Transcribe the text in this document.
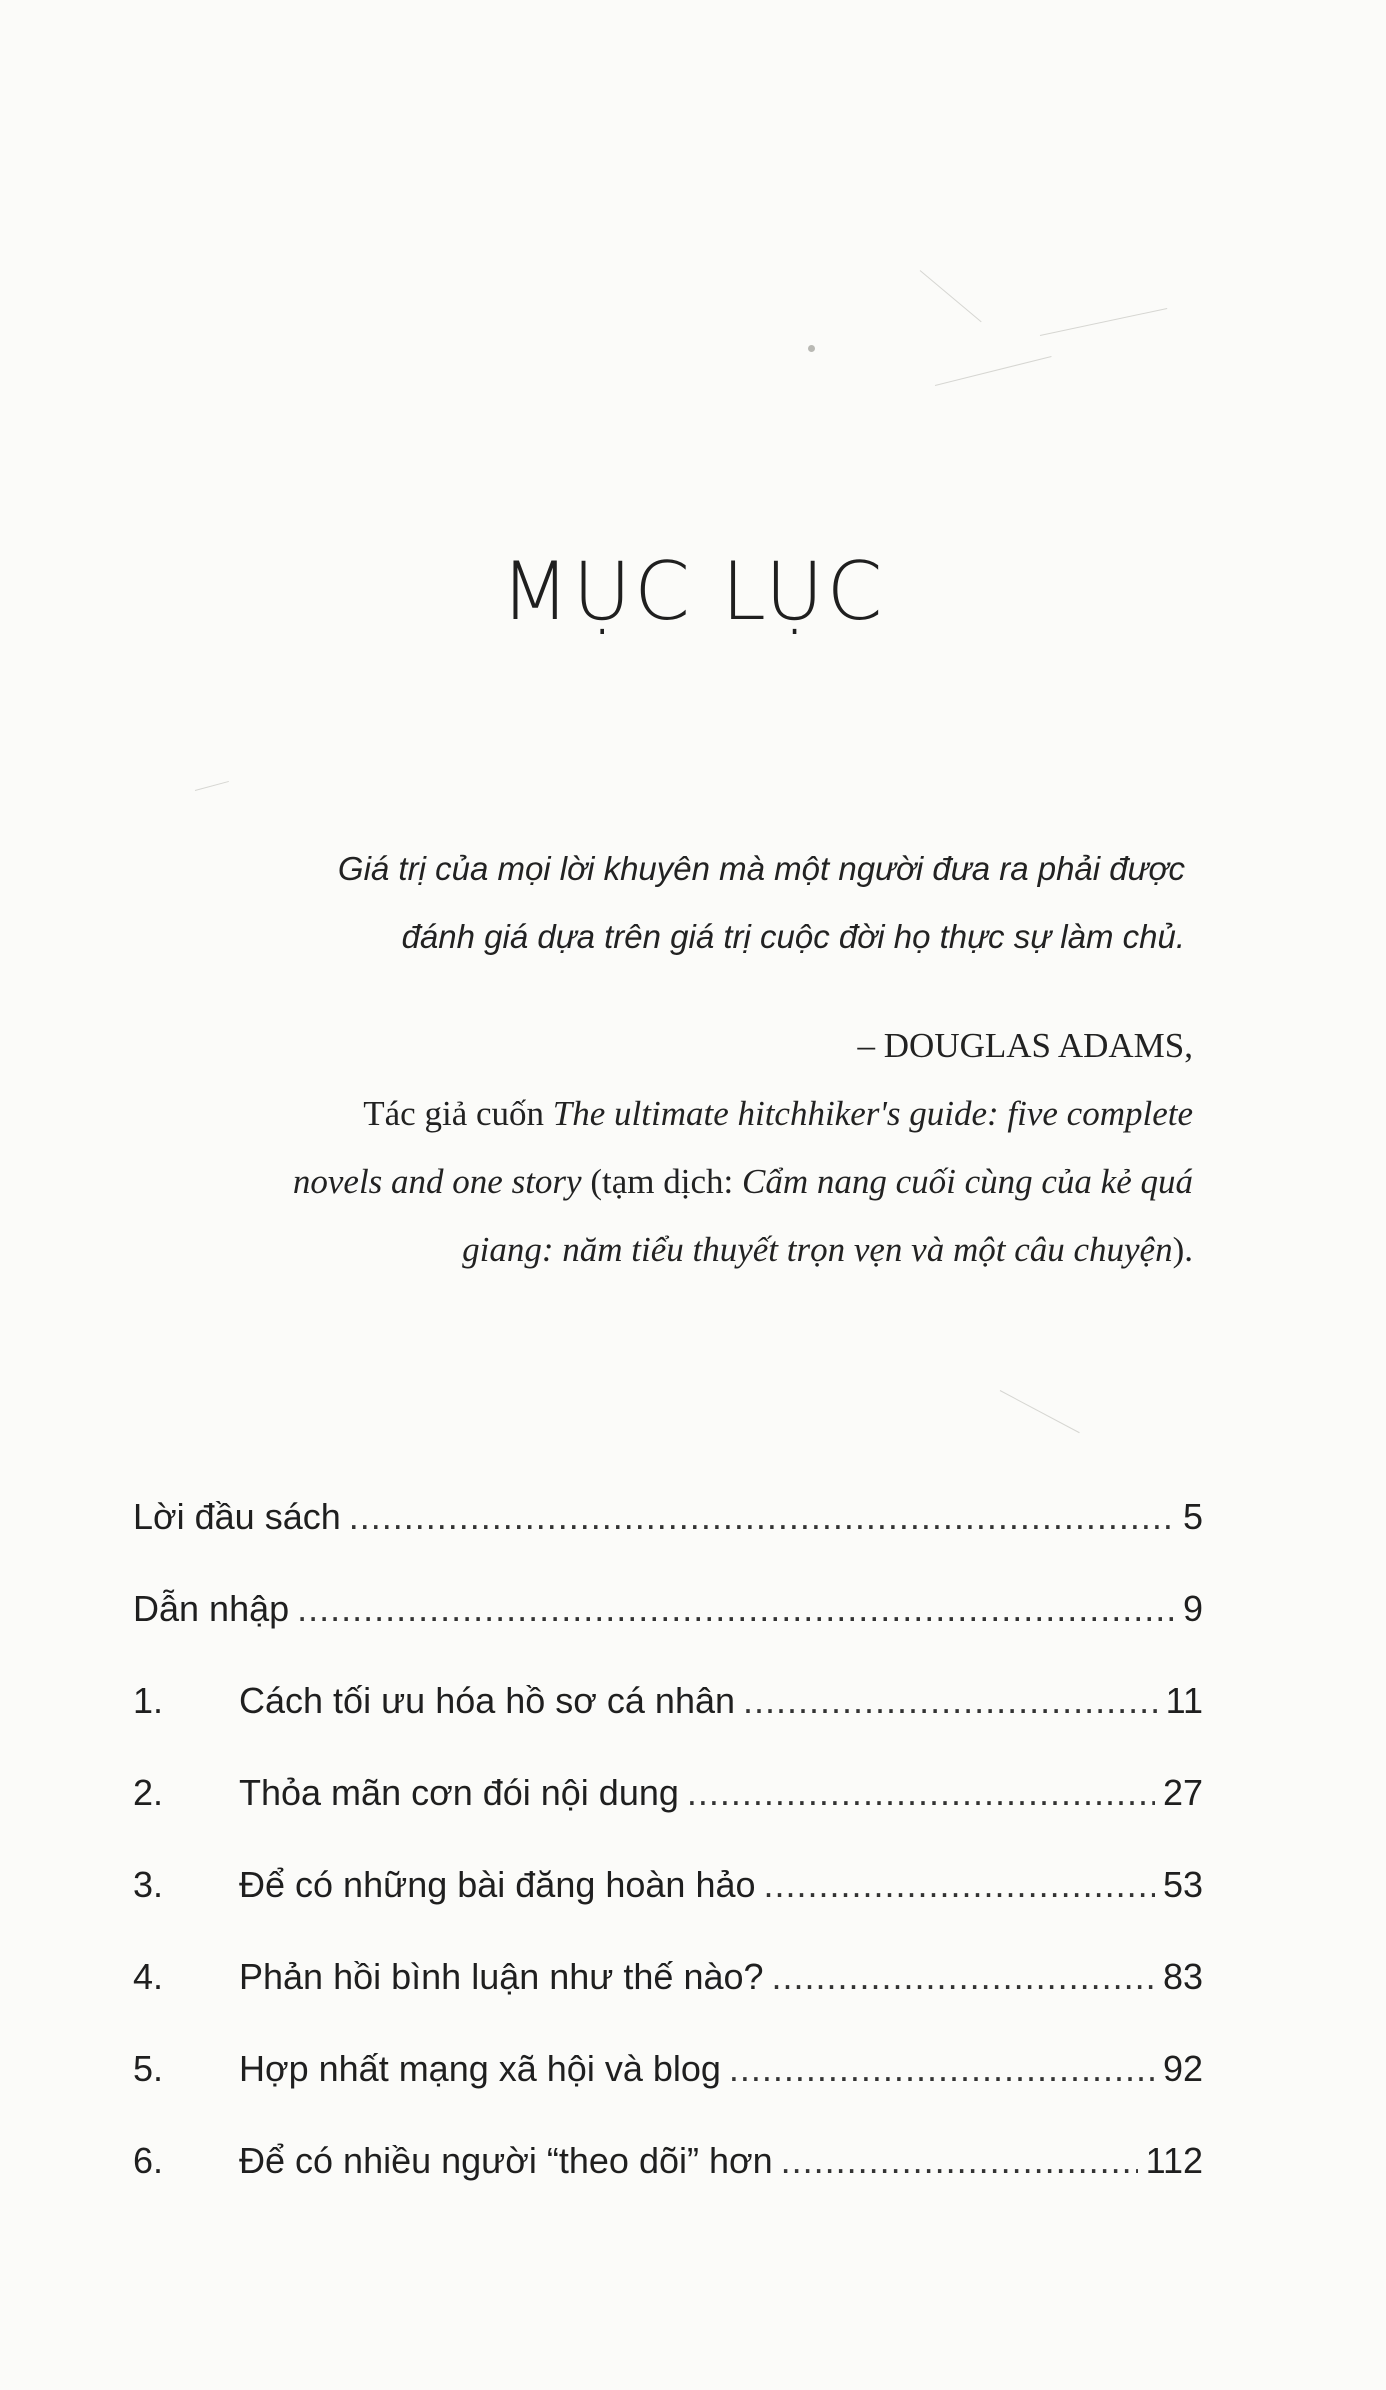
MỤC LỤC
Giá trị của mọi lời khuyên mà một người đưa ra phải được
đánh giá dựa trên giá trị cuộc đời họ thực sự làm chủ.
– DOUGLAS ADAMS,
Tác giả cuốn The ultimate hitchhiker's guide: five complete
novels and one story (tạm dịch: Cẩm nang cuối cùng của kẻ quá
giang: năm tiểu thuyết trọn vẹn và một câu chuyện).
Lời đầu sách .....	5
Dẫn nhập .....	9
1.	Cách tối ưu hóa hồ sơ cá nhân .....	11
2.	Thỏa mãn cơn đói nội dung .....	27
3.	Để có những bài đăng hoàn hảo .....	53
4.	Phản hồi bình luận như thế nào? .....	83
5.	Hợp nhất mạng xã hội và blog .....	92
6.	Để có nhiều người “theo dõi” hơn .....	112
